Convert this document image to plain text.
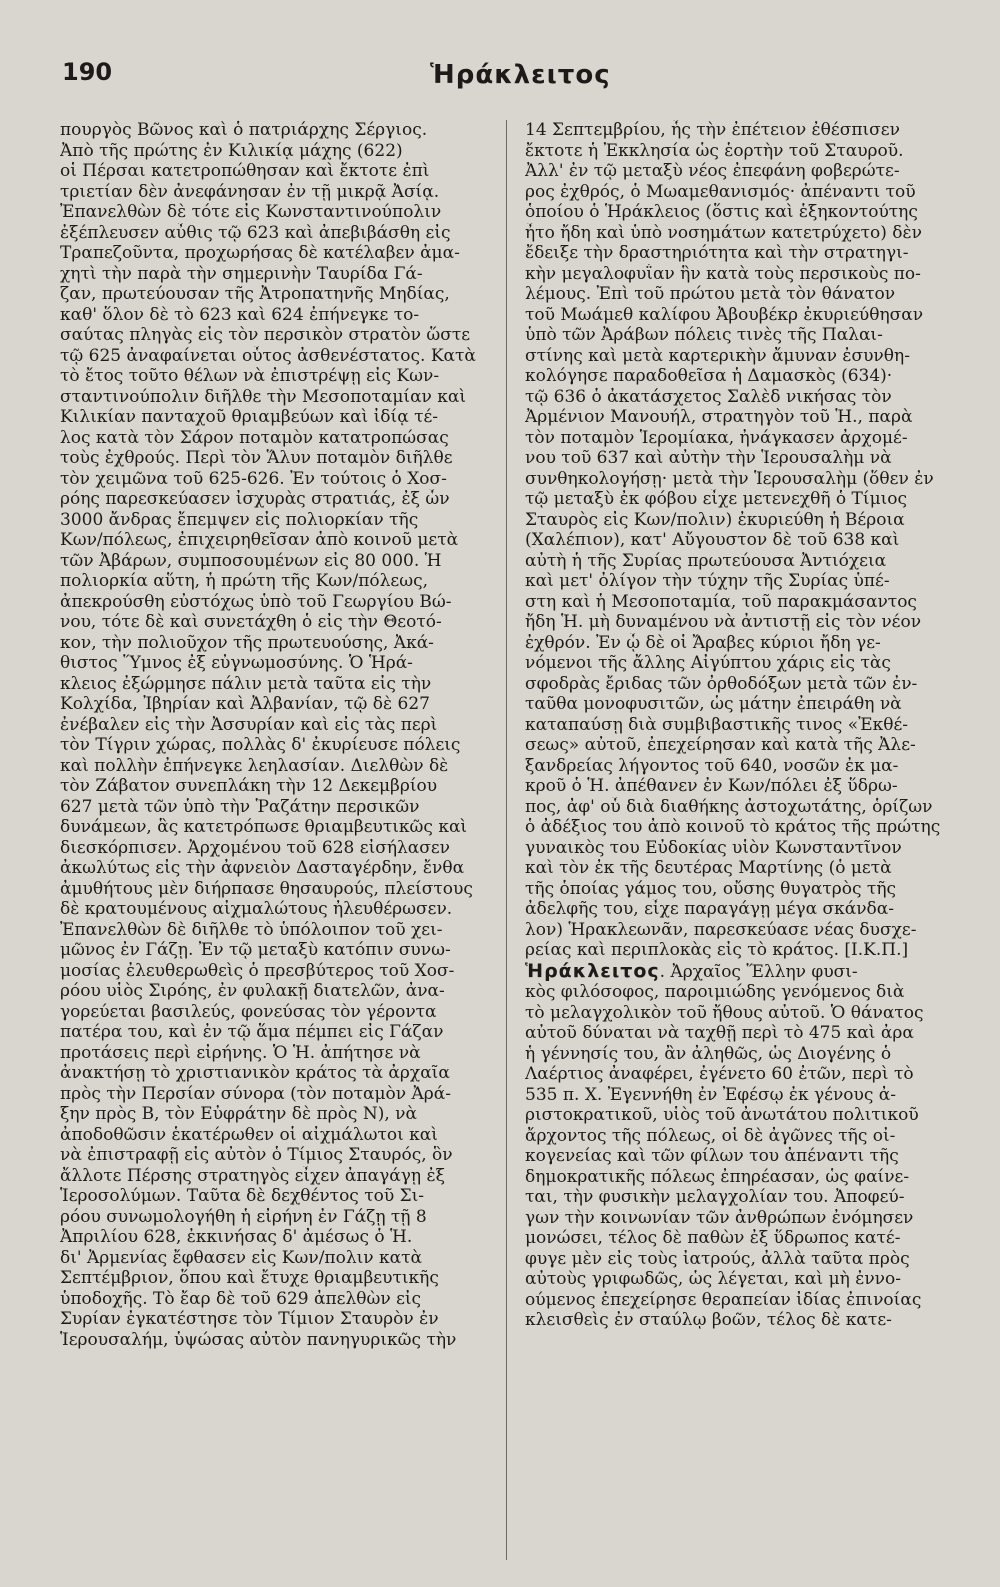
190	Ἡράκλειτος
πουργὸς Βῶνος καὶ ὁ πατριάρχης Σέργιος.
Ἀπὸ τῆς πρώτης ἐν Κιλικίᾳ μάχης (622)
οἱ Πέρσαι κατετροπώθησαν καὶ ἔκτοτε ἐπὶ
τριετίαν δὲν ἀνεφάνησαν ἐν τῇ μικρᾷ Ἀσίᾳ.
Ἐπανελθὼν δὲ τότε εἰς Κωνσταντινούπολιν
ἐξέπλευσεν αὖθις τῷ 623 καὶ ἀπεβιβάσθη εἰς
Τραπεζοῦντα, προχωρήσας δὲ κατέλαβεν ἀμα-
χητὶ τὴν παρὰ τὴν σημερινὴν Ταυρίδα Γά-
ζαν, πρωτεύουσαν τῆς Ἀτροπατηνῆς Μηδίας,
καθ' ὅλον δὲ τὸ 623 καὶ 624 ἐπήνεγκε το-
σαύτας πληγὰς εἰς τὸν περσικὸν στρατὸν ὥστε
τῷ 625 ἀναφαίνεται οὗτος ἀσθενέστατος. Κατὰ
τὸ ἔτος τοῦτο θέλων νὰ ἐπιστρέψῃ εἰς Κων-
σταντινούπολιν διῆλθε τὴν Μεσοποταμίαν καὶ
Κιλικίαν πανταχοῦ θριαμβεύων καὶ ἰδίᾳ τέ-
λος κατὰ τὸν Σάρον ποταμὸν κατατροπώσας
τοὺς ἐχθρούς. Περὶ τὸν Ἅλυν ποταμὸν διῆλθε
τὸν χειμῶνα τοῦ 625-626. Ἐν τούτοις ὁ Χοσ-
ρόης παρεσκεύασεν ἰσχυρὰς στρατιάς, ἐξ ὧν
3000 ἄνδρας ἔπεμψεν εἰς πολιορκίαν τῆς
Κων/πόλεως, ἐπιχειρηθεῖσαν ἀπὸ κοινοῦ μετὰ
τῶν Ἀβάρων, συμποσουμένων εἰς 80 000. Ἡ
πολιορκία αὕτη, ἡ πρώτη τῆς Κων/πόλεως,
ἀπεκρούσθη εὐστόχως ὑπὸ τοῦ Γεωργίου Βώ-
νου, τότε δὲ καὶ συνετάχθη ὁ εἰς τὴν Θεοτό-
κον, τὴν πολιοῦχον τῆς πρωτευούσης, Ἀκά-
θιστος Ὕμνος ἐξ εὐγνωμοσύνης. Ὁ Ἡρά-
κλειος ἐξώρμησε πάλιν μετὰ ταῦτα εἰς τὴν
Κολχίδα, Ἰβηρίαν καὶ Ἀλβανίαν, τῷ δὲ 627
ἐνέβαλεν εἰς τὴν Ἀσσυρίαν καὶ εἰς τὰς περὶ
τὸν Τίγριν χώρας, πολλὰς δ' ἐκυρίευσε πόλεις
καὶ πολλὴν ἐπήνεγκε λεηλασίαν. Διελθὼν δὲ
τὸν Ζάβατον συνεπλάκη τὴν 12 Δεκεμβρίου
627 μετὰ τῶν ὑπὸ τὴν Ῥαζάτην περσικῶν
δυνάμεων, ἃς κατετρόπωσε θριαμβευτικῶς καὶ
διεσκόρπισεν. Ἀρχομένου τοῦ 628 εἰσήλασεν
ἀκωλύτως εἰς τὴν ἀφνειὸν Δασταγέρδην, ἔνθα
ἀμυθήτους μὲν διήρπασε θησαυρούς, πλείστους
δὲ κρατουμένους αἰχμαλώτους ἠλευθέρωσεν.
Ἐπανελθὼν δὲ διῆλθε τὸ ὑπόλοιπον τοῦ χει-
μῶνος ἐν Γάζῃ. Ἐν τῷ μεταξὺ κατόπιν συνω-
μοσίας ἐλευθερωθεὶς ὁ πρεσβύτερος τοῦ Χοσ-
ρόου υἱὸς Σιρόης, ἐν φυλακῇ διατελῶν, ἀνα-
γορεύεται βασιλεύς, φονεύσας τὸν γέροντα
πατέρα του, καὶ ἐν τῷ ἅμα πέμπει εἰς Γάζαν
προτάσεις περὶ εἰρήνης. Ὁ Ἡ. ἀπήτησε νὰ
ἀνακτήσῃ τὸ χριστιανικὸν κράτος τὰ ἀρχαῖα
πρὸς τὴν Περσίαν σύνορα (τὸν ποταμὸν Ἀρά-
ξην πρὸς Β, τὸν Εὐφράτην δὲ πρὸς Ν), νὰ
ἀποδοθῶσιν ἑκατέρωθεν οἱ αἰχμάλωτοι καὶ
νὰ ἐπιστραφῇ εἰς αὐτὸν ὁ Τίμιος Σταυρός, ὃν
ἄλλοτε Πέρσης στρατηγὸς εἶχεν ἀπαγάγῃ ἐξ
Ἱεροσολύμων. Ταῦτα δὲ δεχθέντος τοῦ Σι-
ρόου συνωμολογήθη ἡ εἰρήνη ἐν Γάζῃ τῇ 8
Ἀπριλίου 628, ἐκκινήσας δ' ἀμέσως ὁ Ἡ.
δι' Ἀρμενίας ἔφθασεν εἰς Κων/πολιν κατὰ
Σεπτέμβριον, ὅπου καὶ ἔτυχε θριαμβευτικῆς
ὑποδοχῆς. Τὸ ἔαρ δὲ τοῦ 629 ἀπελθὼν εἰς
Συρίαν ἐγκατέστησε τὸν Τίμιον Σταυρὸν ἐν
Ἱερουσαλήμ, ὑψώσας αὐτὸν πανηγυρικῶς τὴν
14 Σεπτεμβρίου, ἧς τὴν ἐπέτειον ἐθέσπισεν
ἔκτοτε ἡ Ἐκκλησία ὡς ἑορτὴν τοῦ Σταυροῦ.
Ἀλλ' ἐν τῷ μεταξὺ νέος ἐπεφάνη φοβερώτε-
ρος ἐχθρός, ὁ Μωαμεθανισμός· ἀπέναντι τοῦ
ὁποίου ὁ Ἡράκλειος (ὅστις καὶ ἑξηκοντούτης
ἦτο ἤδη καὶ ὑπὸ νοσημάτων κατετρύχετο) δὲν
ἔδειξε τὴν δραστηριότητα καὶ τὴν στρατηγι-
κὴν μεγαλοφυΐαν ἣν κατὰ τοὺς περσικοὺς πο-
λέμους. Ἐπὶ τοῦ πρώτου μετὰ τὸν θάνατον
τοῦ Μωάμεθ καλίφου Ἀβουβέκρ ἐκυριεύθησαν
ὑπὸ τῶν Ἀράβων πόλεις τινὲς τῆς Παλαι-
στίνης καὶ μετὰ καρτερικὴν ἄμυναν ἐσυνθη-
κολόγησε παραδοθεῖσα ἡ Δαμασκὸς (634)·
τῷ 636 ὁ ἀκατάσχετος Σαλὲδ νικήσας τὸν
Ἀρμένιον Μανουήλ, στρατηγὸν τοῦ Ἡ., παρὰ
τὸν ποταμὸν Ἱερομίακα, ἠνάγκασεν ἀρχομέ-
νου τοῦ 637 καὶ αὐτὴν τὴν Ἱερουσαλὴμ νὰ
συνθηκολογήσῃ· μετὰ τὴν Ἱερουσαλὴμ (ὅθεν ἐν
τῷ μεταξὺ ἐκ φόβου εἶχε μετενεχθῆ ὁ Τίμιος
Σταυρὸς εἰς Κων/πολιν) ἐκυριεύθη ἡ Βέροια
(Χαλέπιον), κατ' Αὔγουστον δὲ τοῦ 638 καὶ
αὐτὴ ἡ τῆς Συρίας πρωτεύουσα Ἀντιόχεια
καὶ μετ' ὀλίγον τὴν τύχην τῆς Συρίας ὑπέ-
στη καὶ ἡ Μεσοποταμία, τοῦ παρακμάσαντος
ἤδη Ἡ. μὴ δυναμένου νὰ ἀντιστῇ εἰς τὸν νέον
ἐχθρόν. Ἐν ᾧ δὲ οἱ Ἄραβες κύριοι ἤδη γε-
νόμενοι τῆς ἄλλης Αἰγύπτου χάρις εἰς τὰς
σφοδρὰς ἔριδας τῶν ὀρθοδόξων μετὰ τῶν ἐν-
ταῦθα μονοφυσιτῶν, ὡς μάτην ἐπειράθη νὰ
καταπαύσῃ διὰ συμβιβαστικῆς τινος «Ἐκθέ-
σεως» αὐτοῦ, ἐπεχείρησαν καὶ κατὰ τῆς Ἀλε-
ξανδρείας λήγοντος τοῦ 640, νοσῶν ἐκ μα-
κροῦ ὁ Ἡ. ἀπέθανεν ἐν Κων/πόλει ἐξ ὕδρω-
πος, ἀφ' οὗ διὰ διαθήκης ἀστοχωτάτης, ὁρίζων
ὁ ἀδέξιος του ἀπὸ κοινοῦ τὸ κράτος τῆς πρώτης
γυναικὸς του Εὐδοκίας υἱὸν Κωνσταντῖνον
καὶ τὸν ἐκ τῆς δευτέρας Μαρτίνης (ὁ μετὰ
τῆς ὁποίας γάμος του, οὔσης θυγατρὸς τῆς
ἀδελφῆς του, εἶχε παραγάγῃ μέγα σκάνδα-
λον) Ἡρακλεωνᾶν, παρεσκεύασε νέας δυσχε-
ρείας καὶ περιπλοκὰς εἰς τὸ κράτος. [Ι.Κ.Π.]
Ἡράκλειτος. Ἀρχαῖος Ἕλλην φυσι-
κὸς φιλόσοφος, παροιμιώδης γενόμενος διὰ
τὸ μελαγχολικὸν τοῦ ἤθους αὐτοῦ. Ὁ θάνατος
αὐτοῦ δύναται νὰ ταχθῇ περὶ τὸ 475 καὶ ἀρα
ἡ γέννησίς του, ἂν ἀληθῶς, ὡς Διογένης ὁ
Λαέρτιος ἀναφέρει, ἐγένετο 60 ἐτῶν, περὶ τὸ
535 π. Χ. Ἐγεννήθη ἐν Ἐφέσῳ ἐκ γένους ἀ-
ριστοκρατικοῦ, υἱὸς τοῦ ἀνωτάτου πολιτικοῦ
ἄρχοντος τῆς πόλεως, οἱ δὲ ἀγῶνες τῆς οἰ-
κογενείας καὶ τῶν φίλων του ἀπέναντι τῆς
δημοκρατικῆς πόλεως ἐπηρέασαν, ὡς φαίνε-
ται, τὴν φυσικὴν μελαγχολίαν του. Ἀποφεύ-
γων τὴν κοινωνίαν τῶν ἀνθρώπων ἐνόμησεν
μονώσει, τέλος δὲ παθὼν ἐξ ὕδρωπος κατέ-
φυγε μὲν εἰς τοὺς ἰατρούς, ἀλλὰ ταῦτα πρὸς
αὐτοὺς γριφωδῶς, ὡς λέγεται, καὶ μὴ ἐννο-
ούμενος ἐπεχείρησε θεραπείαν ἰδίας ἐπινοίας
κλεισθεὶς ἐν σταύλῳ βοῶν, τέλος δὲ κατε-
